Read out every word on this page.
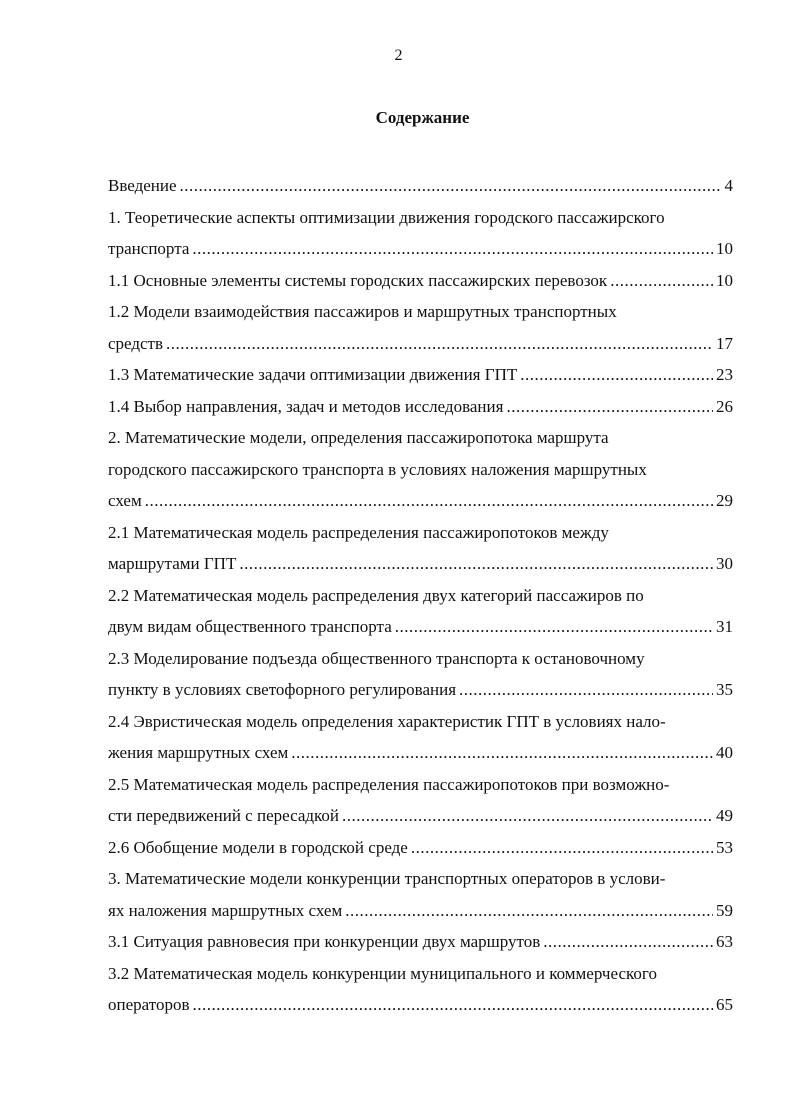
2
Содержание
Введение .....	4
1. Теоретические аспекты оптимизации движения городского пассажирского
транспорта .....	10
1.1 Основные элементы системы городских пассажирских перевозок .....	10
1.2 Модели взаимодействия пассажиров и маршрутных транспортных
средств .....	17
1.3 Математические задачи оптимизации движения ГПТ .....	23
1.4 Выбор направления, задач и методов исследования .....	26
2. Математические модели, определения пассажиропотока маршрута
городского пассажирского транспорта в условиях наложения маршрутных
схем .....	29
2.1 Математическая модель распределения пассажиропотоков между
маршрутами ГПТ .....	30
2.2 Математическая модель распределения двух категорий пассажиров по
двум видам общественного транспорта .....	31
2.3 Моделирование подъезда общественного транспорта к остановочному
пункту в условиях светофорного регулирования .....	35
2.4 Эвристическая модель определения характеристик ГПТ в условиях нало-
жения маршрутных схем .....	40
2.5 Математическая модель распределения пассажиропотоков при возможно-
сти передвижений с пересадкой .....	49
2.6 Обобщение модели в городской среде .....	53
3. Математические модели конкуренции транспортных операторов в услови-
ях наложения маршрутных схем .....	59
3.1 Ситуация равновесия при конкуренции двух маршрутов .....	63
3.2 Математическая модель конкуренции муниципального и коммерческого
операторов .....	65
